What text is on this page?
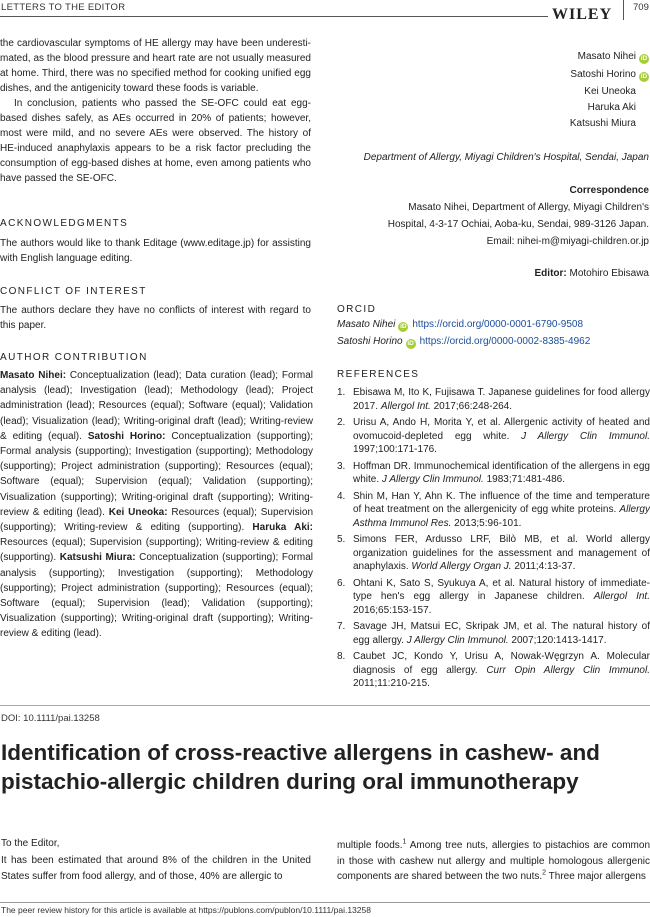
LETTERS TO THE EDITOR	WILEY 709

the cardiovascular symptoms of HE allergy may have been underesti-mated, as the blood pressure and heart rate are not usually measured at home. Third, there was no specified method for cooking unified egg dishes, and the antigenicity toward these foods is variable.

In conclusion, patients who passed the SE-OFC could eat egg-based dishes safely, as AEs occurred in 20% of patients; however, most were mild, and no severe AEs were observed. The history of HE-induced anaphylaxis appears to be a risk factor precluding the consumption of egg-based dishes at home, even among patients who have passed the SE-OFC.

ACKNOWLEDGMENTS

The authors would like to thank Editage (www.editage.jp) for assisting with English language editing.

CONFLICT OF INTEREST

The authors declare they have no conflicts of interest with regard to this paper.

AUTHOR CONTRIBUTION

Masato Nihei: Conceptualization (lead); Data curation (lead); Formal analysis (lead); Investigation (lead); Methodology (lead); Project administration (lead); Resources (equal); Software (equal); Validation (lead); Visualization (lead); Writing-original draft (lead); Writing-review & editing (equal). Satoshi Horino: Conceptualization (supporting); Formal analysis (supporting); Investigation (supporting); Methodology (supporting); Project administration (supporting); Resources (equal); Software (equal); Supervision (equal); Validation (supporting); Visualization (supporting); Writing-original draft (supporting); Writing-review & editing (lead). Kei Uneoka: Resources (equal); Supervision (supporting); Writing-review & editing (supporting). Haruka Aki: Resources (equal); Supervision (supporting); Writing-review & editing (supporting). Katsushi Miura: Conceptualization (supporting); Formal analysis (supporting); Investigation (supporting); Methodology (supporting); Project administration (supporting); Resources (equal); Software (equal); Supervision (lead); Validation (supporting); Visualization (supporting); Writing-original draft (supporting); Writing-review & editing (lead).

Masato Nihei iD
Satoshi Horino iD
Kei Uneoka
Haruka Aki
Katsushi Miura
Department of Allergy, Miyagi Children's Hospital, Sendai, Japan
Correspondence
Masato Nihei, Department of Allergy, Miyagi Children's
Hospital, 4-3-17 Ochiai, Aoba-ku, Sendai, 989-3126 Japan.
Email: nihei-m@miyagi-children.or.jp
Editor: Motohiro Ebisawa
ORCID
Masato Nihei iD https://orcid.org/0000-0001-6790-9508
Satoshi Horino iD https://orcid.org/0000-0002-8385-4962
REFERENCES
1. Ebisawa M, Ito K, Fujisawa T. Japanese guidelines for food allergy 2017. Allergol Int. 2017;66:248-264.
2. Urisu A, Ando H, Morita Y, et al. Allergenic activity of heated and ovomucoid-depleted egg white. J Allergy Clin Immunol. 1997;100:171-176.
3. Hoffman DR. Immunochemical identification of the allergens in egg white. J Allergy Clin Immunol. 1983;71:481-486.
4. Shin M, Han Y, Ahn K. The influence of the time and temperature of heat treatment on the allergenicity of egg white proteins. Allergy Asthma Immunol Res. 2013;5:96-101.
5. Simons FER, Ardusso LRF, Bilò MB, et al. World allergy organization guidelines for the assessment and management of anaphylaxis. World Allergy Organ J. 2011;4:13-37.
6. Ohtani K, Sato S, Syukuya A, et al. Natural history of immediate-type hen's egg allergy in Japanese children. Allergol Int. 2016;65:153-157.
7. Savage JH, Matsui EC, Skripak JM, et al. The natural history of egg allergy. J Allergy Clin Immunol. 2007;120:1413-1417.
8. Caubet JC, Kondo Y, Urisu A, Nowak-Węgrzyn A. Molecular diagnosis of egg allergy. Curr Opin Allergy Clin Immunol. 2011;11:210-215.
DOI: 10.1111/pai.13258
Identification of cross-reactive allergens in cashew- and pistachio-allergic children during oral immunotherapy
To the Editor,

It has been estimated that around 8% of the children in the United States suffer from food allergy, and of those, 40% are allergic to

multiple foods.$^1$ Among tree nuts, allergies to pistachios are common in those with cashew nut allergy and multiple homologous allergenic components are shared between the two nuts.$^2$ Three major allergens

The peer review history for this article is available at https://publons.com/publon/10.1111/pai.13258
